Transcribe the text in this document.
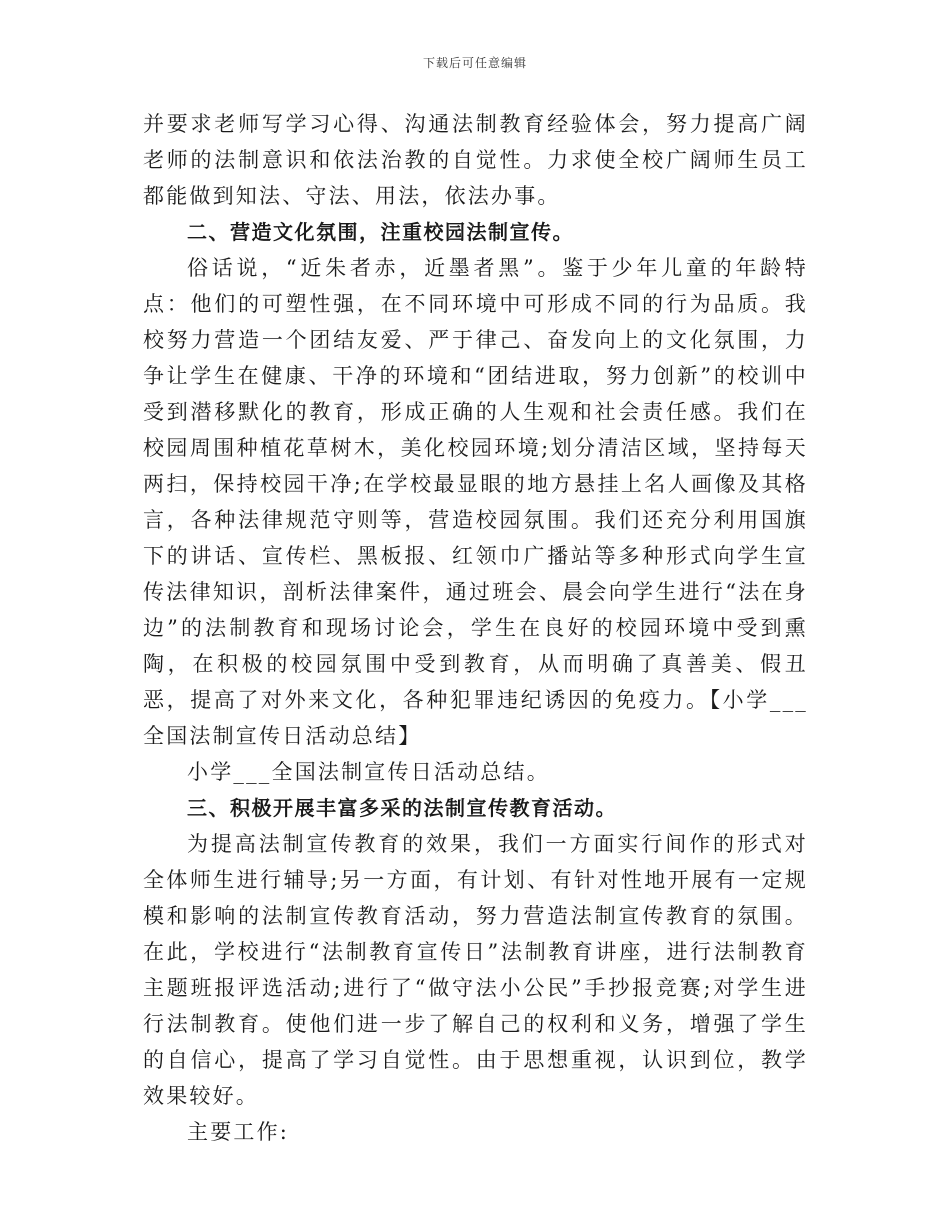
下载后可任意编辑

并要求老师写学习心得、沟通法制教育经验体会，努力提高广阔老师的法制意识和依法治教的自觉性。力求使全校广阔师生员工都能做到知法、守法、用法，依法办事。

二、营造文化氛围，注重校园法制宣传。

俗话说，“近朱者赤，近墨者黑”。鉴于少年儿童的年龄特点：他们的可塑性强，在不同环境中可形成不同的行为品质。我校努力营造一个团结友爱、严于律己、奋发向上的文化氛围，力争让学生在健康、干净的环境和“团结进取，努力创新”的校训中受到潜移默化的教育，形成正确的人生观和社会责任感。我们在校园周围种植花草树木，美化校园环境;划分清洁区域，坚持每天两扫，保持校园干净;在学校最显眼的地方悬挂上名人画像及其格言，各种法律规范守则等，营造校园氛围。我们还充分利用国旗下的讲话、宣传栏、黑板报、红领巾广播站等多种形式向学生宣传法律知识，剖析法律案件，通过班会、晨会向学生进行“法在身边”的法制教育和现场讨论会，学生在良好的校园环境中受到熏陶，在积极的校园氛围中受到教育，从而明确了真善美、假丑恶，提高了对外来文化，各种犯罪违纪诱因的免疫力。【小学___全国法制宣传日活动总结】

小学___全国法制宣传日活动总结。

三、积极开展丰富多采的法制宣传教育活动。

为提高法制宣传教育的效果，我们一方面实行间作的形式对全体师生进行辅导;另一方面，有计划、有针对性地开展有一定规模和影响的法制宣传教育活动，努力营造法制宣传教育的氛围。在此，学校进行“法制教育宣传日”法制教育讲座，进行法制教育主题班报评选活动;进行了“做守法小公民”手抄报竞赛;对学生进行法制教育。使他们进一步了解自己的权利和义务，增强了学生的自信心，提高了学习自觉性。由于思想重视，认识到位，教学效果较好。

主要工作:
